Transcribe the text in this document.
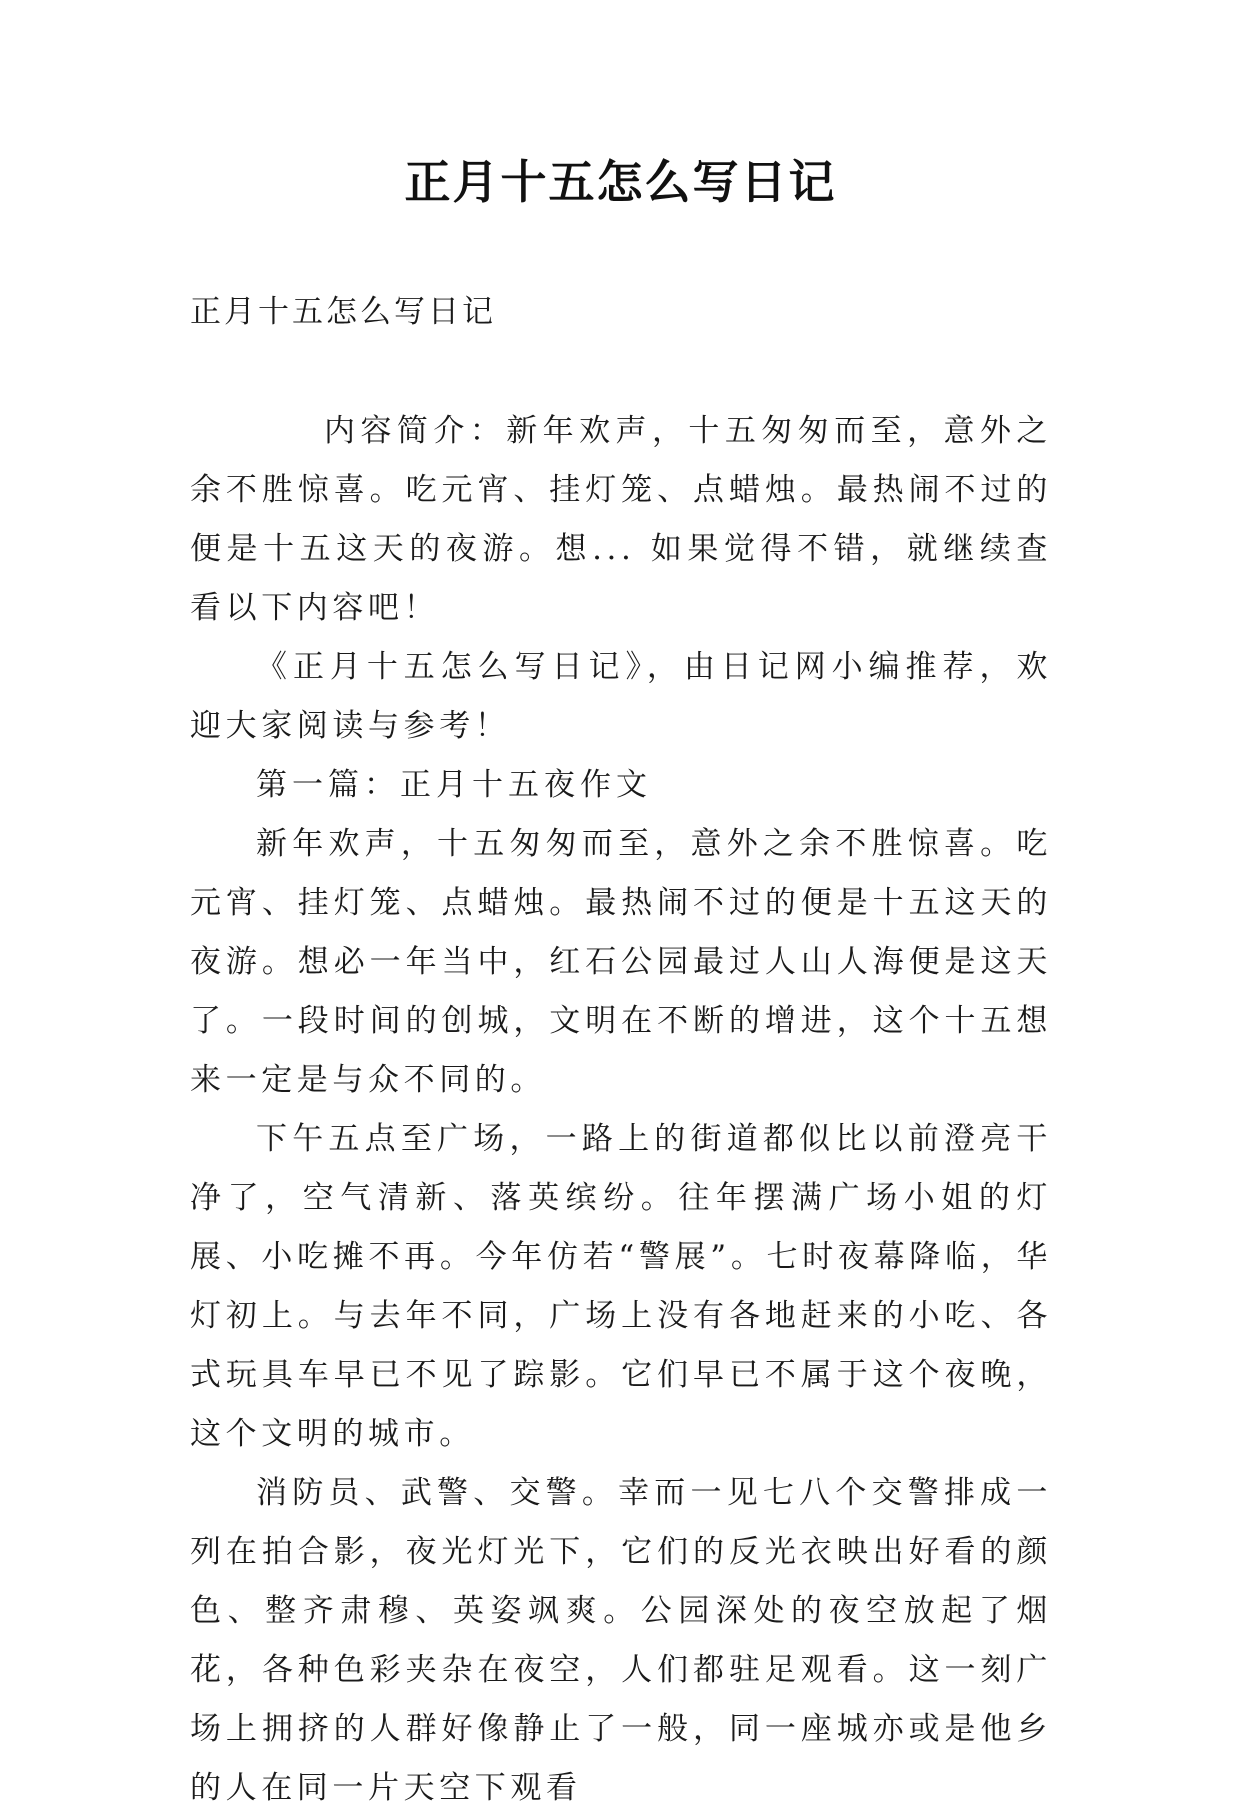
正月十五怎么写日记

正月十五怎么写日记

内容简介：新年欢声，十五匆匆而至，意外之余不胜惊喜。吃元宵、挂灯笼、点蜡烛。最热闹不过的便是十五这天的夜游。想... 如果觉得不错，就继续查看以下内容吧！

《正月十五怎么写日记》，由日记网小编推荐，欢迎大家阅读与参考！

第一篇：正月十五夜作文

新年欢声，十五匆匆而至，意外之余不胜惊喜。吃元宵、挂灯笼、点蜡烛。最热闹不过的便是十五这天的夜游。想必一年当中，红石公园最过人山人海便是这天了。一段时间的创城，文明在不断的增进，这个十五想来一定是与众不同的。

下午五点至广场，一路上的街道都似比以前澄亮干净了，空气清新、落英缤纷。往年摆满广场小姐的灯展、小吃摊不再。今年仿若“警展”。七时夜幕降临，华灯初上。与去年不同，广场上没有各地赶来的小吃、各式玩具车早已不见了踪影。它们早已不属于这个夜晚，这个文明的城市。

消防员、武警、交警。幸而一见七八个交警排成一列在拍合影，夜光灯光下，它们的反光衣映出好看的颜色、整齐肃穆、英姿飒爽。公园深处的夜空放起了烟花，各种色彩夹杂在夜空，人们都驻足观看。这一刻广场上拥挤的人群好像静止了一般，同一座城亦或是他乡的人在同一片天空下观看
